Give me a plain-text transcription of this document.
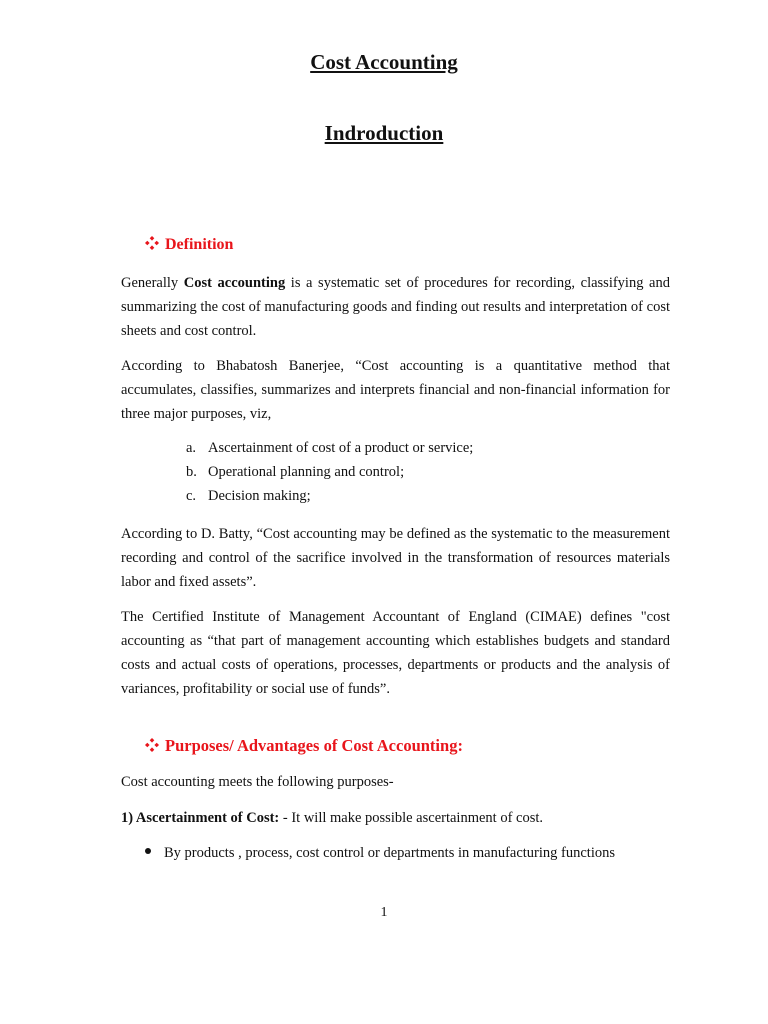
Cost Accounting
Indroduction
Definition

Generally Cost accounting is a systematic set of procedures for recording, classifying and summarizing the cost of manufacturing goods and finding out results and interpretation of cost sheets and cost control.

According to Bhabatosh Banerjee, “Cost accounting is a quantitative method that accumulates, classifies, summarizes and interprets financial and non-financial information for three major purposes, viz,

a. Ascertainment of cost of a product or service;
b. Operational planning and control;
c. Decision making;

According to D. Batty, “Cost accounting may be defined as the systematic to the measurement recording and control of the sacrifice involved in the transformation of resources materials labor and fixed assets”.

The Certified Institute of Management Accountant of England (CIMAE) defines "cost accounting as “that part of management accounting which establishes budgets and standard costs and actual costs of operations, processes, departments or products and the analysis of variances, profitability or social use of funds”.

Purposes/ Advantages of Cost Accounting:

Cost accounting meets the following purposes-

1) Ascertainment of Cost: - It will make possible ascertainment of cost.

By products , process, cost control or departments in manufacturing functions

1
